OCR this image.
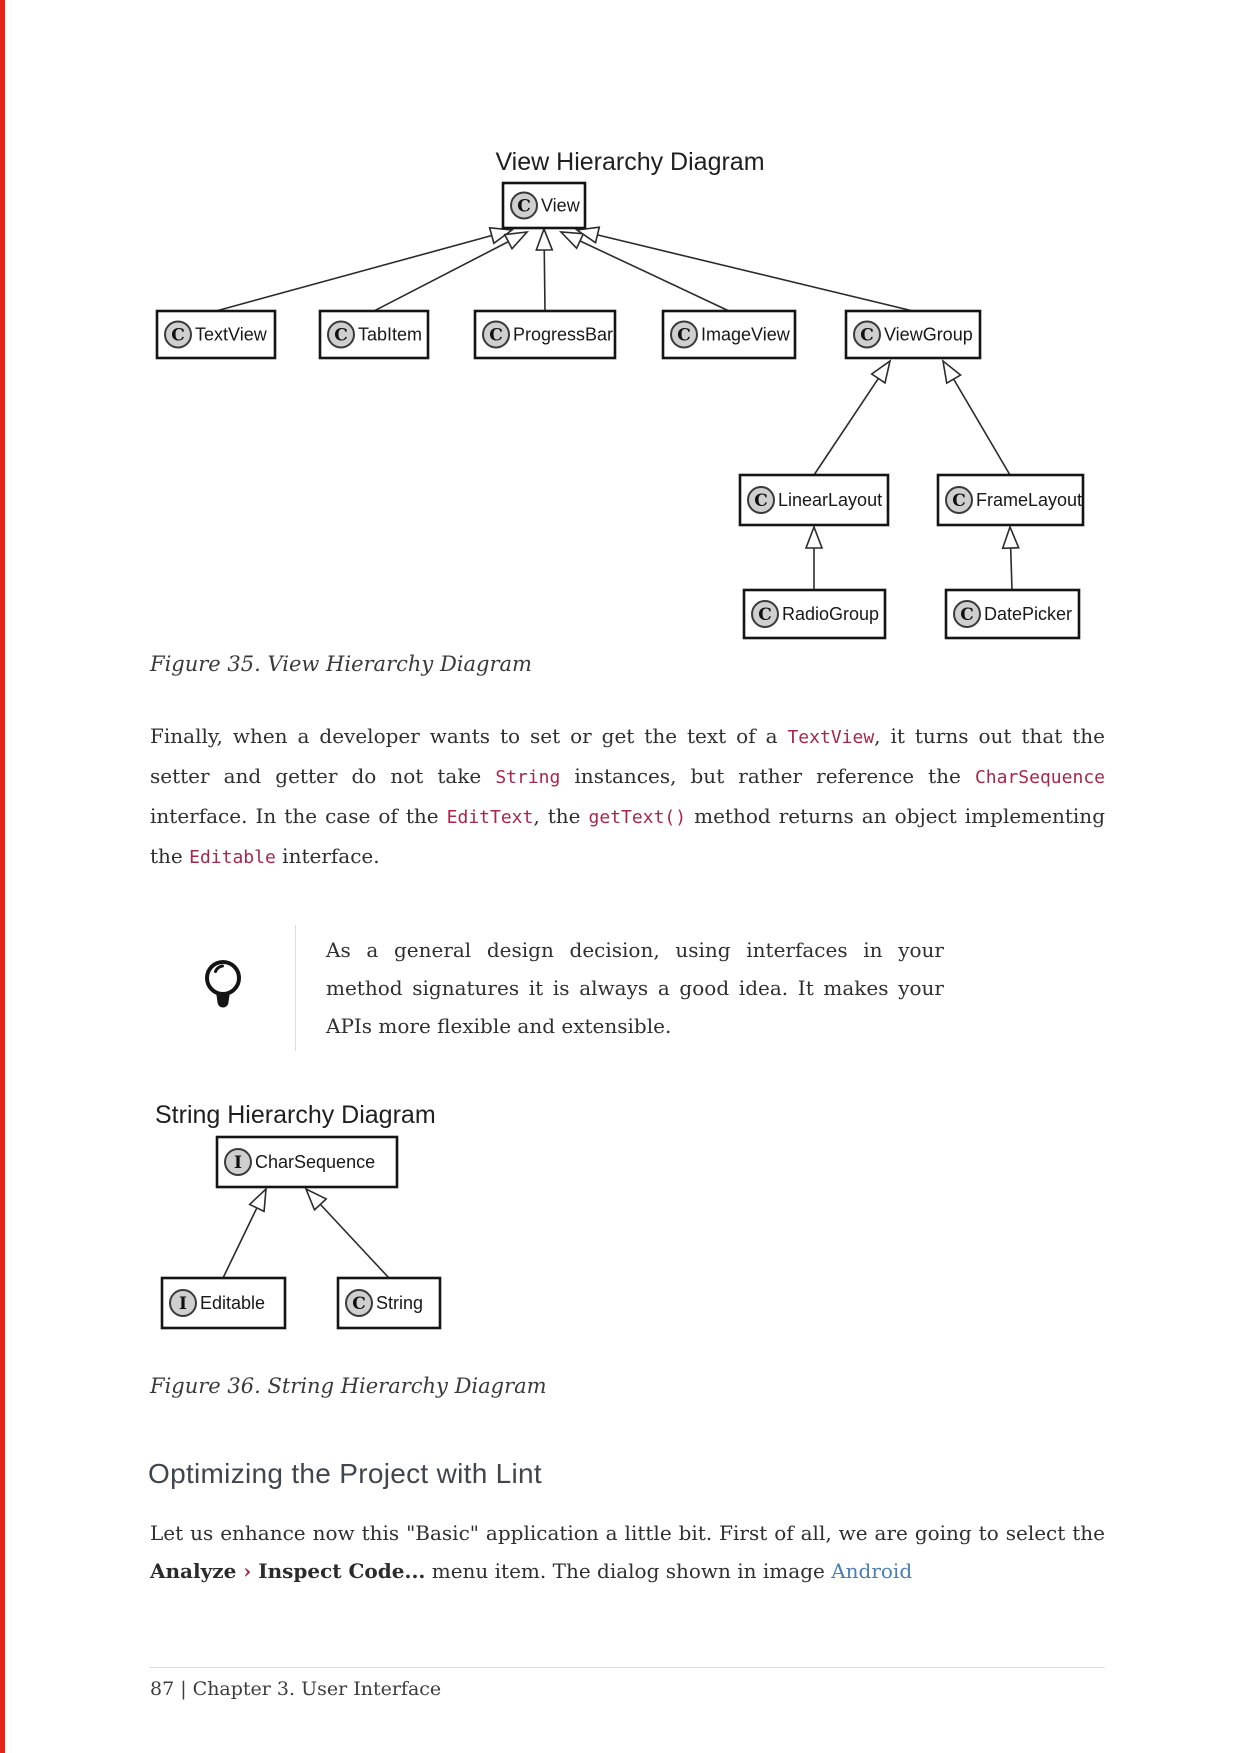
View Hierarchy Diagram
C View
C TextView	C TabItem	C ProgressBar	C ImageView	C ViewGroup
C LinearLayout	C FrameLayout
C RadioGroup	C DatePicker
Figure 35. View Hierarchy Diagram

Finally, when a developer wants to set or get the text of a TextView, it turns out that the setter and getter do not take String instances, but rather reference the CharSequence interface. In the case of the EditText, the getText() method returns an object implementing the Editable interface.

As a general design decision, using interfaces in your method signatures it is always a good idea. It makes your APIs more flexible and extensible.

String Hierarchy Diagram
I CharSequence
I Editable	C String
Figure 36. String Hierarchy Diagram
Optimizing the Project with Lint

Let us enhance now this "Basic" application a little bit. First of all, we are going to select the Analyze › Inspect Code... menu item. The dialog shown in image Android

87 | Chapter 3. User Interface
